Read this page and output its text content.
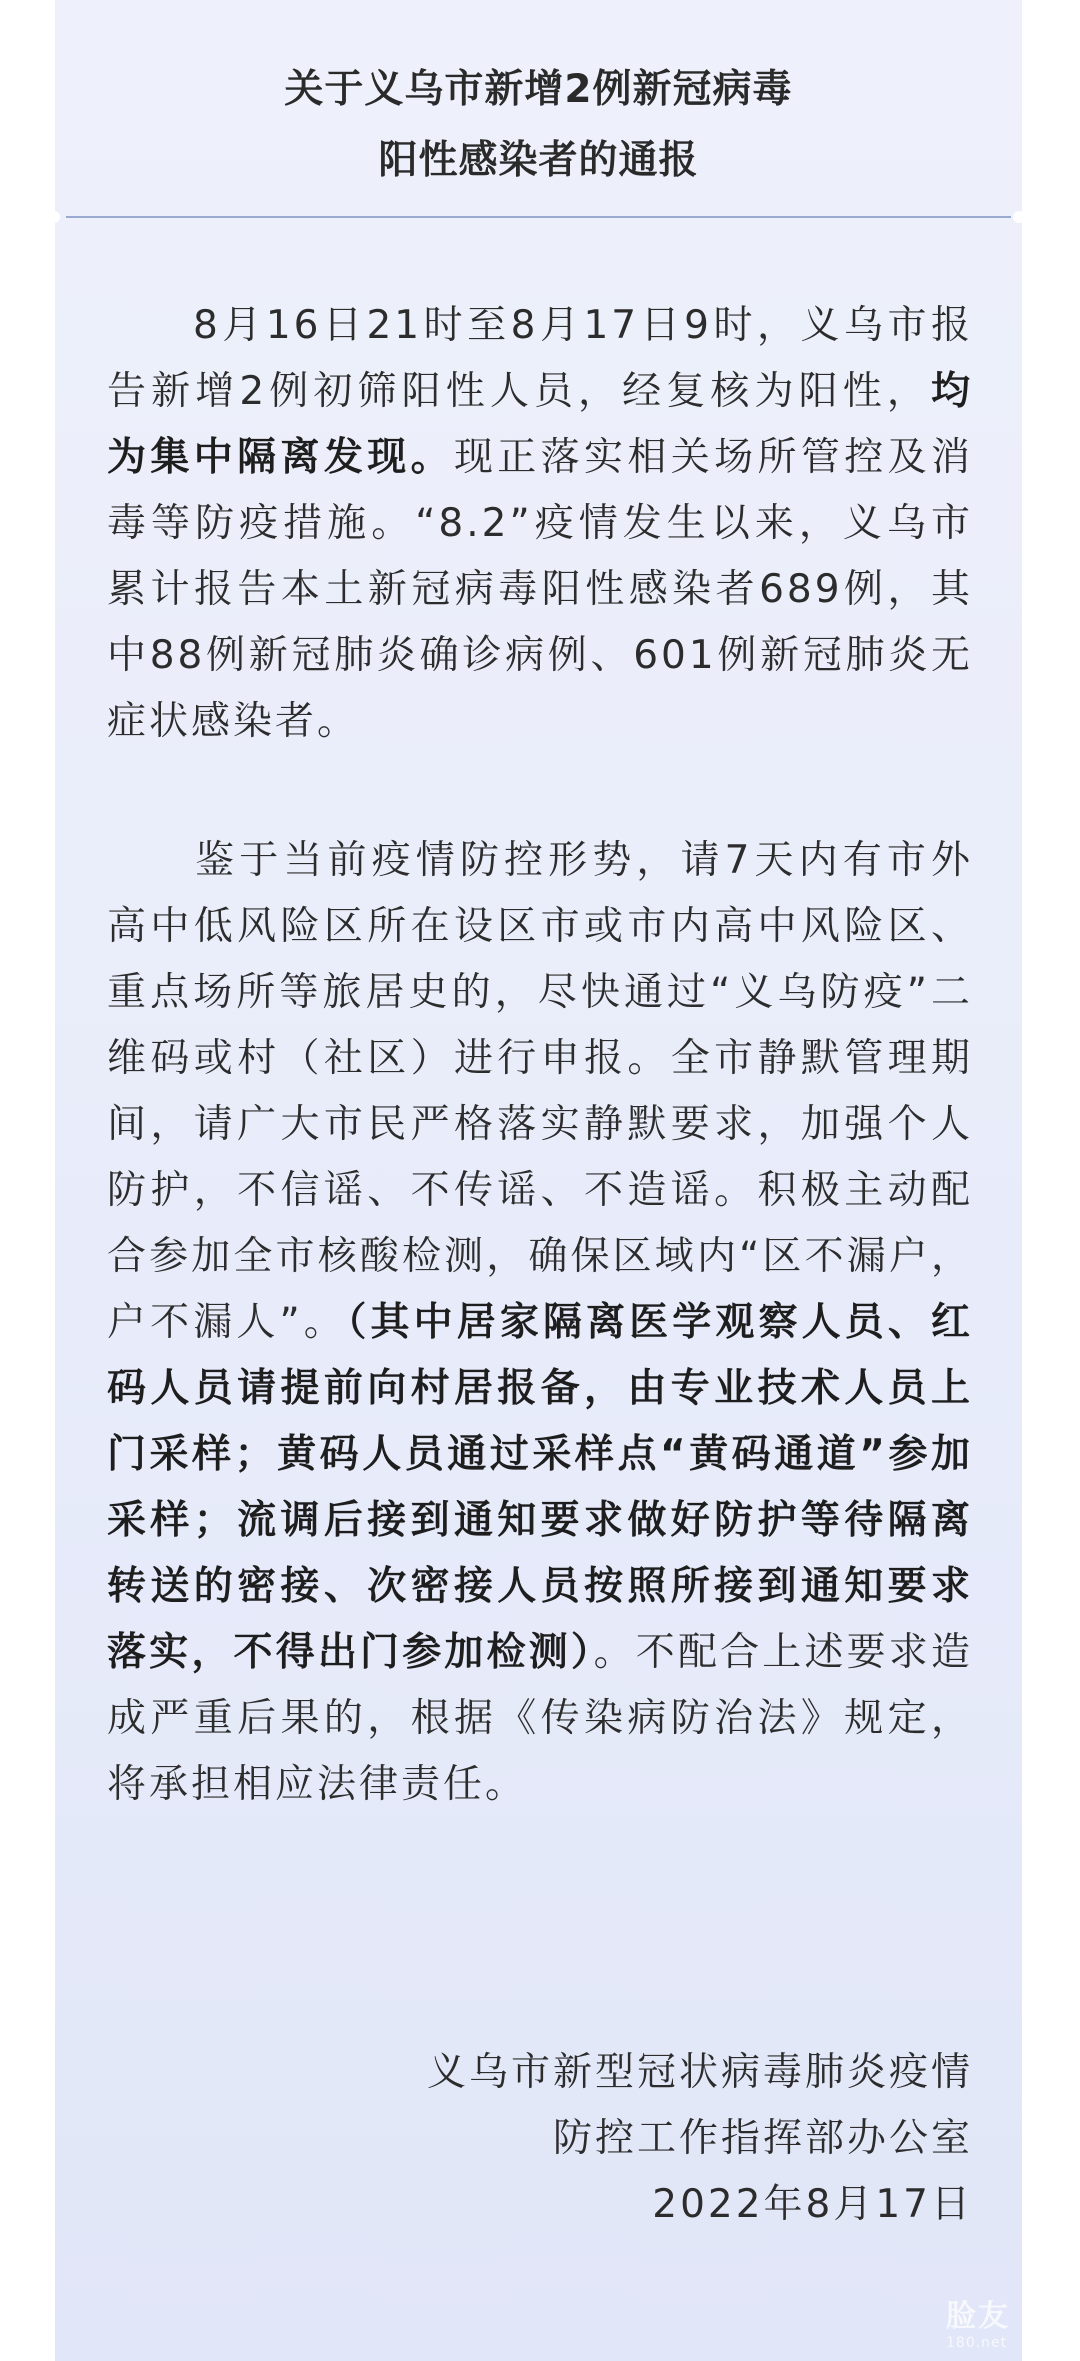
关于义乌市新增2例新冠病毒
阳性感染者的通报
8月16日21时至8月17日9时，义乌市报告新增2例初筛阳性人员，经复核为阳性，均为集中隔离发现。现正落实相关场所管控及消毒等防疫措施。“8.2”疫情发生以来，义乌市累计报告本土新冠病毒阳性感染者689例，其中88例新冠肺炎确诊病例、601例新冠肺炎无症状感染者。
鉴于当前疫情防控形势，请7天内有市外高中低风险区所在设区市或市内高中风险区、重点场所等旅居史的，尽快通过“义乌防疫”二维码或村（社区）进行申报。全市静默管理期间，请广大市民严格落实静默要求，加强个人防护，不信谣、不传谣、不造谣。积极主动配合参加全市核酸检测，确保区域内“区不漏户，户不漏人”。（其中居家隔离医学观察人员、红码人员请提前向村居报备，由专业技术人员上门采样；黄码人员通过采样点“黄码通道”参加采样；流调后接到通知要求做好防护等待隔离转送的密接、次密接人员按照所接到通知要求落实，不得出门参加检测）。不配合上述要求造成严重后果的，根据《传染病防治法》规定，将承担相应法律责任。
义乌市新型冠状病毒肺炎疫情
防控工作指挥部办公室
2022年8月17日
脸友
180.net
